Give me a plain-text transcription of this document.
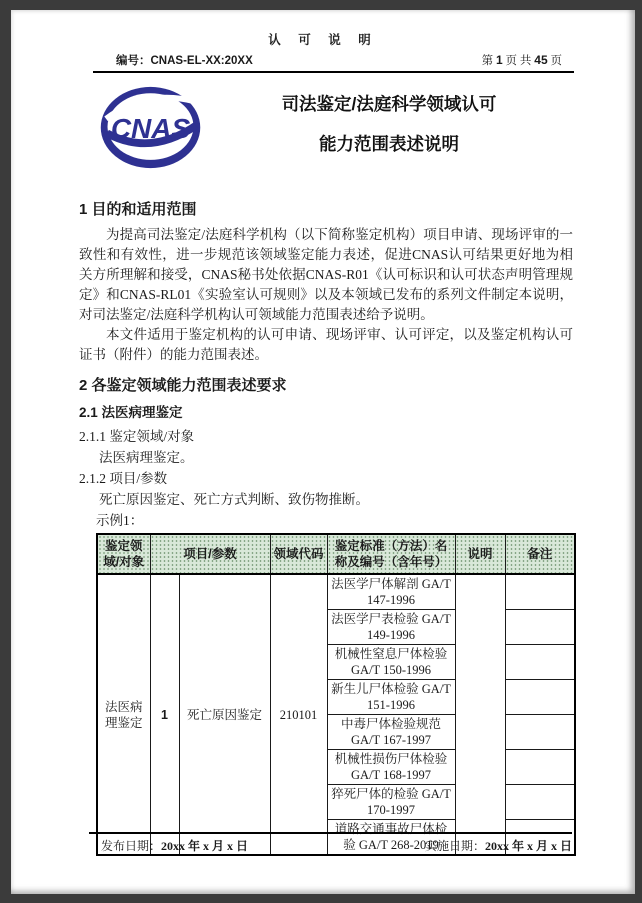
认 可 说 明
编号：CNAS-EL-XX:20XX	第 1 页 共 45 页
CNAS
司法鉴定/法庭科学领域认可
能力范围表述说明
1 目的和适用范围

为提高司法鉴定/法庭科学机构（以下简称鉴定机构）项目申请、现场评审的一致性和有效性，进一步规范该领域鉴定能力表述，促进CNAS认可结果更好地为相关方所理解和接受，CNAS秘书处依据CNAS-R01《认可标识和认可状态声明管理规定》和CNAS-RL01《实验室认可规则》以及本领域已发布的系列文件制定本说明，对司法鉴定/法庭科学机构认可领域能力范围表述给予说明。

本文件适用于鉴定机构的认可申请、现场评审、认可评定，以及鉴定机构认可证书（附件）的能力范围表述。

2 各鉴定领域能力范围表述要求
2.1 法医病理鉴定
2.1.1 鉴定领域/对象
法医病理鉴定。
2.1.2 项目/参数
死亡原因鉴定、死亡方式判断、致伤物推断。
示例1：
鉴定领域/对象	项目/参数		领域代码	鉴定标准（方法）名称及编号（含年号）	说明	备注
法医病理鉴定	1	死亡原因鉴定	210101	法医学尸体解剖 GA/T 147-1996		
				法医学尸表检验 GA/T 149-1996		
				机械性窒息尸体检验 GA/T 150-1996		
				新生儿尸体检验 GA/T 151-1996		
				中毒尸体检验规范 GA/T 167-1997		
				机械性损伤尸体检验 GA/T 168-1997		
				猝死尸体的检验 GA/T 170-1997		
				道路交通事故尸体检验 GA/T 268-2019		
发布日期：20xx 年 x 月 x 日	实施日期：20xx 年 x 月 x 日
